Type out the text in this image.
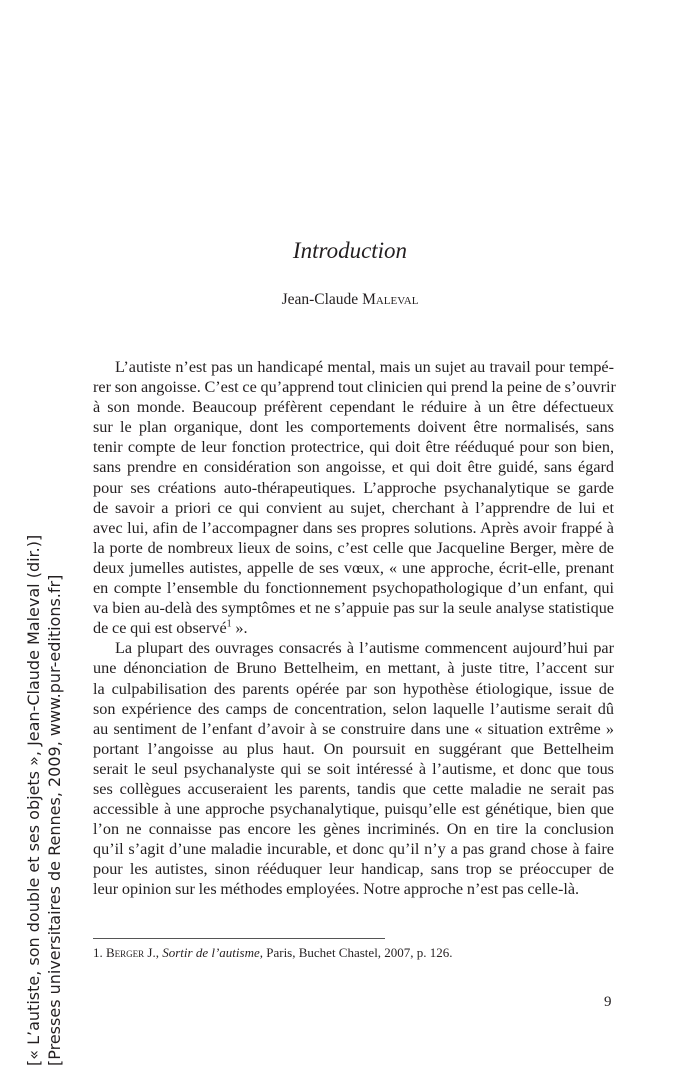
Introduction
Jean-Claude Maleval
L’autiste n’est pas un handicapé mental, mais un sujet au travail pour tempé-
rer son angoisse. C’est ce qu’apprend tout clinicien qui prend la peine de s’ouvrir
à son monde. Beaucoup préfèrent cependant le réduire à un être défectueux
sur le plan organique, dont les comportements doivent être normalisés, sans
tenir compte de leur fonction protectrice, qui doit être rééduqué pour son bien,
sans prendre en considération son angoisse, et qui doit être guidé, sans égard
pour ses créations auto-thérapeutiques. L’approche psychanalytique se garde
de savoir a priori ce qui convient au sujet, cherchant à l’apprendre de lui et
avec lui, afin de l’accompagner dans ses propres solutions. Après avoir frappé à
la porte de nombreux lieux de soins, c’est celle que Jacqueline Berger, mère de
deux jumelles autistes, appelle de ses vœux, « une approche, écrit-elle, prenant
en compte l’ensemble du fonctionnement psychopathologique d’un enfant, qui
va bien au-delà des symptômes et ne s’appuie pas sur la seule analyse statistique
de ce qui est observé$^1$ ».
La plupart des ouvrages consacrés à l’autisme commencent aujourd’hui par
une dénonciation de Bruno Bettelheim, en mettant, à juste titre, l’accent sur
la culpabilisation des parents opérée par son hypothèse étiologique, issue de
son expérience des camps de concentration, selon laquelle l’autisme serait dû
au sentiment de l’enfant d’avoir à se construire dans une « situation extrême »
portant l’angoisse au plus haut. On poursuit en suggérant que Bettelheim
serait le seul psychanalyste qui se soit intéressé à l’autisme, et donc que tous
ses collègues accuseraient les parents, tandis que cette maladie ne serait pas
accessible à une approche psychanalytique, puisqu’elle est génétique, bien que
l’on ne connaisse pas encore les gènes incriminés. On en tire la conclusion
qu’il s’agit d’une maladie incurable, et donc qu’il n’y a pas grand chose à faire
pour les autistes, sinon rééduquer leur handicap, sans trop se préoccuper de
leur opinion sur les méthodes employées. Notre approche n’est pas celle-là.
1. Berger J., Sortir de l’autisme, Paris, Buchet Chastel, 2007, p. 126.
9
[« L’autiste, son double et ses objets », Jean-Claude Maleval (dir.)] [Presses universitaires de Rennes, 2009, www.pur-editions.fr]
